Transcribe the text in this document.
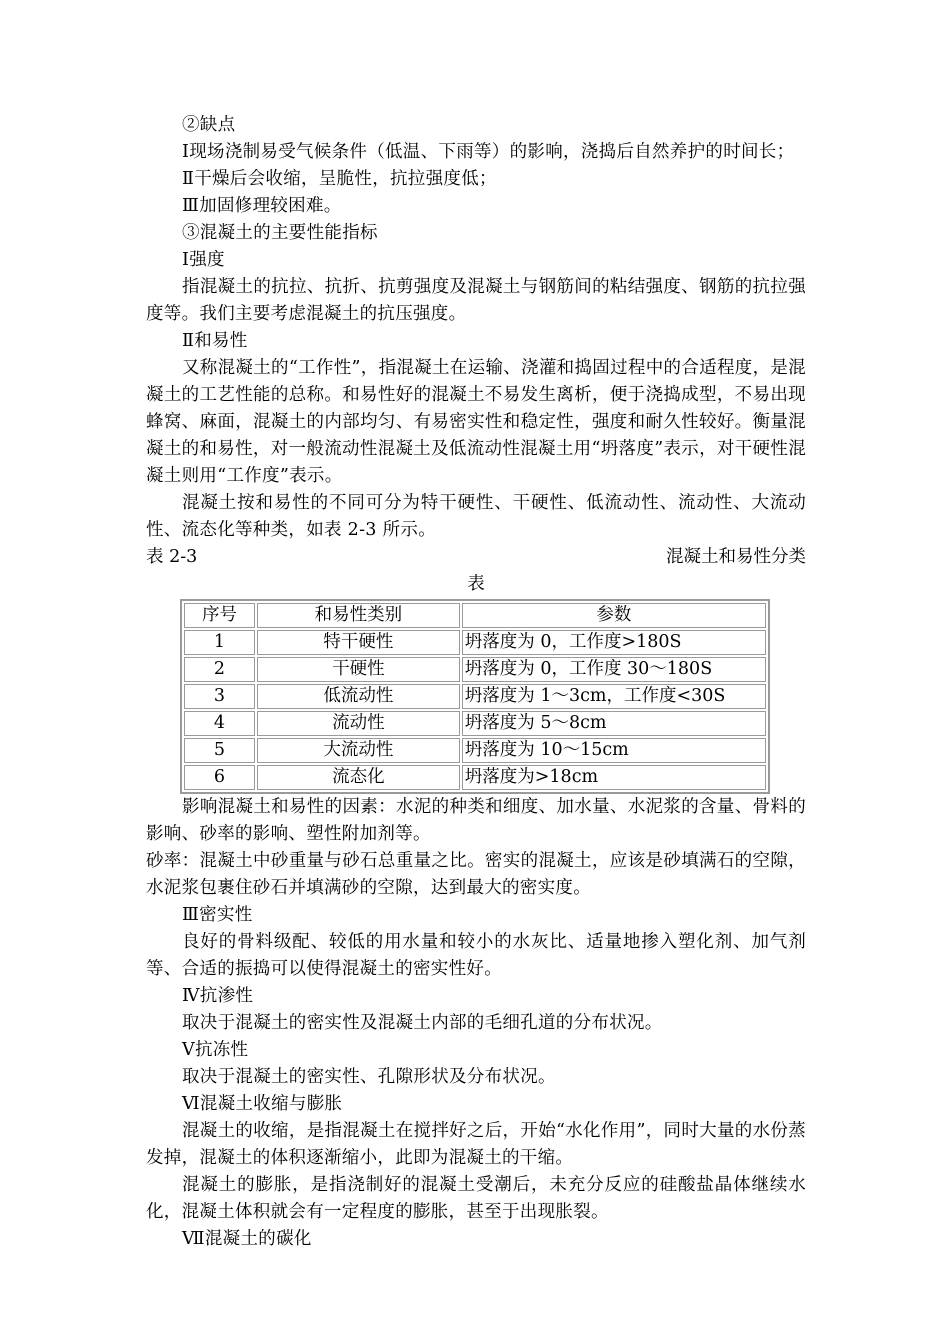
②缺点

Ⅰ现场浇制易受气候条件（低温、下雨等）的影响，浇捣后自然养护的时间长；

Ⅱ干燥后会收缩，呈脆性，抗拉强度低；

Ⅲ加固修理较困难。

③混凝土的主要性能指标

Ⅰ强度

指混凝土的抗拉、抗折、抗剪强度及混凝土与钢筋间的粘结强度、钢筋的抗拉强度等。我们主要考虑混凝土的抗压强度。

Ⅱ和易性

又称混凝土的“工作性”，指混凝土在运输、浇灌和捣固过程中的合适程度，是混凝土的工艺性能的总称。和易性好的混凝土不易发生离析，便于浇捣成型，不易出现蜂窝、麻面，混凝土的内部均匀、有易密实性和稳定性，强度和耐久性较好。衡量混凝土的和易性，对一般流动性混凝土及低流动性混凝土用“坍落度”表示，对干硬性混凝土则用“工作度”表示。

混凝土按和易性的不同可分为特干硬性、干硬性、低流动性、流动性、大流动性、流态化等种类，如表 2-3 所示。

表 2-3	混凝土和易性分类
表
序号	和易性类别	参数
1	特干硬性	坍落度为 0，工作度>180S
2	干硬性	坍落度为 0，工作度 30～180S
3	低流动性	坍落度为 1～3cm，工作度<30S
4	流动性	坍落度为 5～8cm
5	大流动性	坍落度为 10～15cm
6	流态化	坍落度为>18cm

影响混凝土和易性的因素：水泥的种类和细度、加水量、水泥浆的含量、骨料的影响、砂率的影响、塑性附加剂等。

砂率：混凝土中砂重量与砂石总重量之比。密实的混凝土，应该是砂填满石的空隙，水泥浆包裹住砂石并填满砂的空隙，达到最大的密实度。

Ⅲ密实性

良好的骨料级配、较低的用水量和较小的水灰比、适量地掺入塑化剂、加气剂等、合适的振捣可以使得混凝土的密实性好。

Ⅳ抗渗性

取决于混凝土的密实性及混凝土内部的毛细孔道的分布状况。

Ⅴ抗冻性

取决于混凝土的密实性、孔隙形状及分布状况。

Ⅵ混凝土收缩与膨胀

混凝土的收缩，是指混凝土在搅拌好之后，开始“水化作用”，同时大量的水份蒸发掉，混凝土的体积逐渐缩小，此即为混凝土的干缩。

混凝土的膨胀，是指浇制好的混凝土受潮后，未充分反应的硅酸盐晶体继续水化，混凝土体积就会有一定程度的膨胀，甚至于出现胀裂。

Ⅶ混凝土的碳化
